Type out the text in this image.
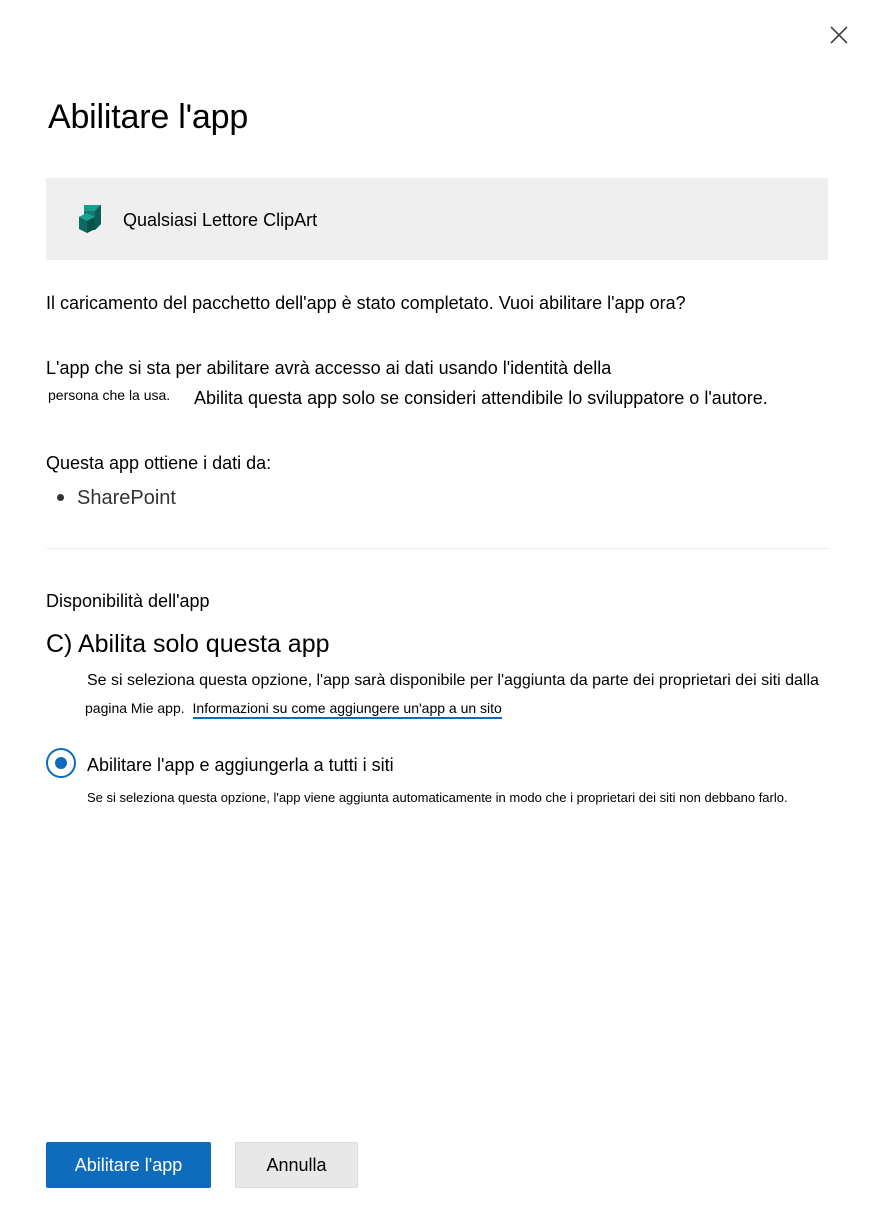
Abilitare l'app
Qualsiasi Lettore ClipArt
Il caricamento del pacchetto dell'app è stato completato. Vuoi abilitare l'app ora?
L'app che si sta per abilitare avrà accesso ai dati usando l'identità della
persona che la usa. Abilita questa app solo se consideri attendibile lo sviluppatore o l'autore.
Questa app ottiene i dati da:
SharePoint
Disponibilità dell'app
C) Abilita solo questa app
Se si seleziona questa opzione, l'app sarà disponibile per l'aggiunta da parte dei proprietari dei siti dalla
pagina Mie app. Informazioni su come aggiungere un'app a un sito
Abilitare l'app e aggiungerla a tutti i siti
Se si seleziona questa opzione, l'app viene aggiunta automaticamente in modo che i proprietari dei siti non debbano farlo.
Abilitare l'app	Annulla
